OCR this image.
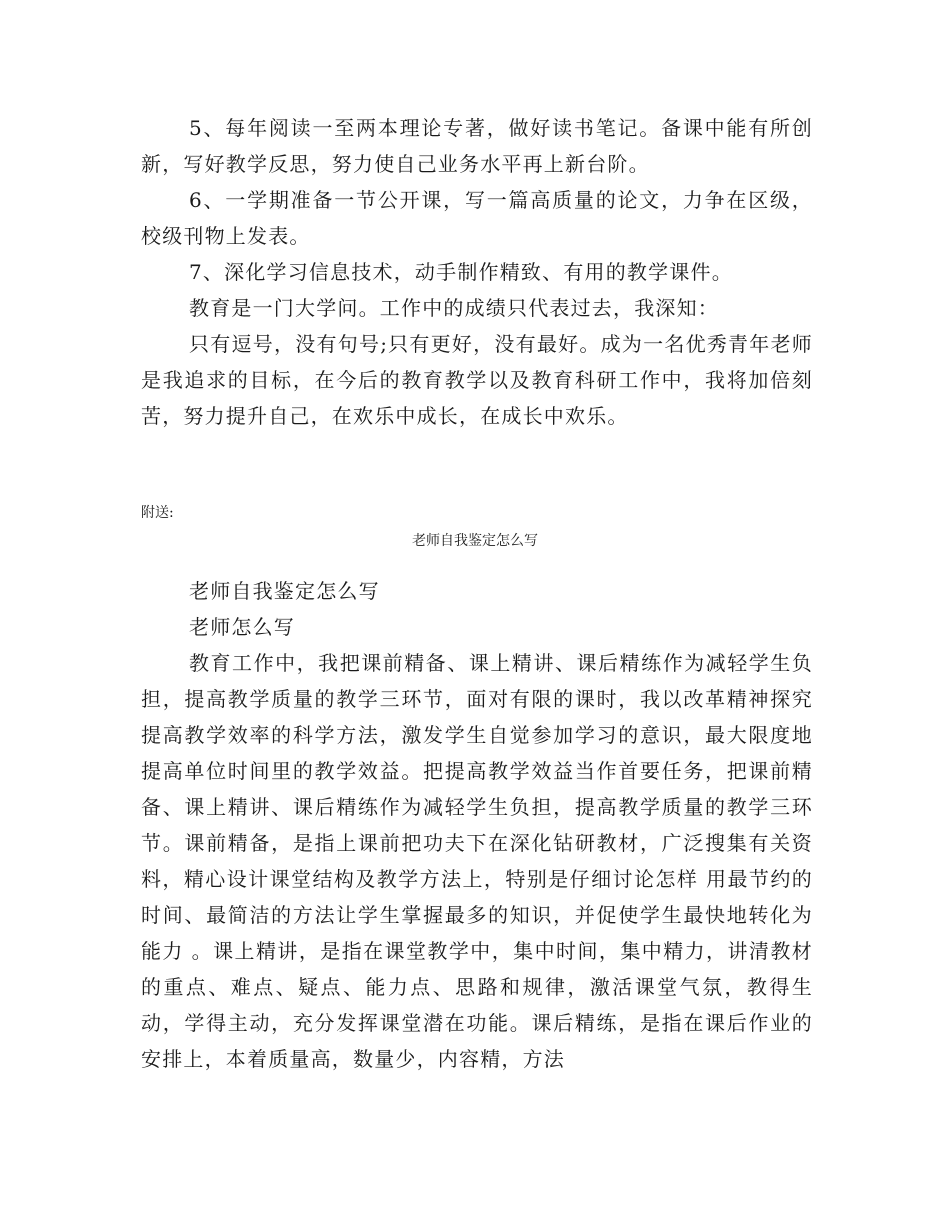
5、每年阅读一至两本理论专著，做好读书笔记。备课中能有所创新，写好教学反思，努力使自己业务水平再上新台阶。

6、一学期准备一节公开课，写一篇高质量的论文，力争在区级，校级刊物上发表。

7、深化学习信息技术，动手制作精致、有用的教学课件。

教育是一门大学问。工作中的成绩只代表过去，我深知：

只有逗号，没有句号;只有更好，没有最好。成为一名优秀青年老师是我追求的目标，在今后的教育教学以及教育科研工作中，我将加倍刻苦，努力提升自己，在欢乐中成长，在成长中欢乐。

附送:

老师自我鉴定怎么写

老师自我鉴定怎么写

老师怎么写

教育工作中，我把课前精备、课上精讲、课后精练作为减轻学生负担，提高教学质量的教学三环节，面对有限的课时，我以改革精神探究提高教学效率的科学方法，激发学生自觉参加学习的意识，最大限度地提高单位时间里的教学效益。把提高教学效益当作首要任务，把课前精备、课上精讲、课后精练作为减轻学生负担，提高教学质量的教学三环节。课前精备，是指上课前把功夫下在深化钻研教材，广泛搜集有关资料，精心设计课堂结构及教学方法上，特别是仔细讨论怎样 用最节约的时间、最简洁的方法让学生掌握最多的知识，并促使学生最快地转化为能力 。课上精讲，是指在课堂教学中，集中时间，集中精力，讲清教材的重点、难点、疑点、能力点、思路和规律，激活课堂气氛，教得生动，学得主动，充分发挥课堂潜在功能。课后精练，是指在课后作业的安排上，本着质量高，数量少，内容精，方法
